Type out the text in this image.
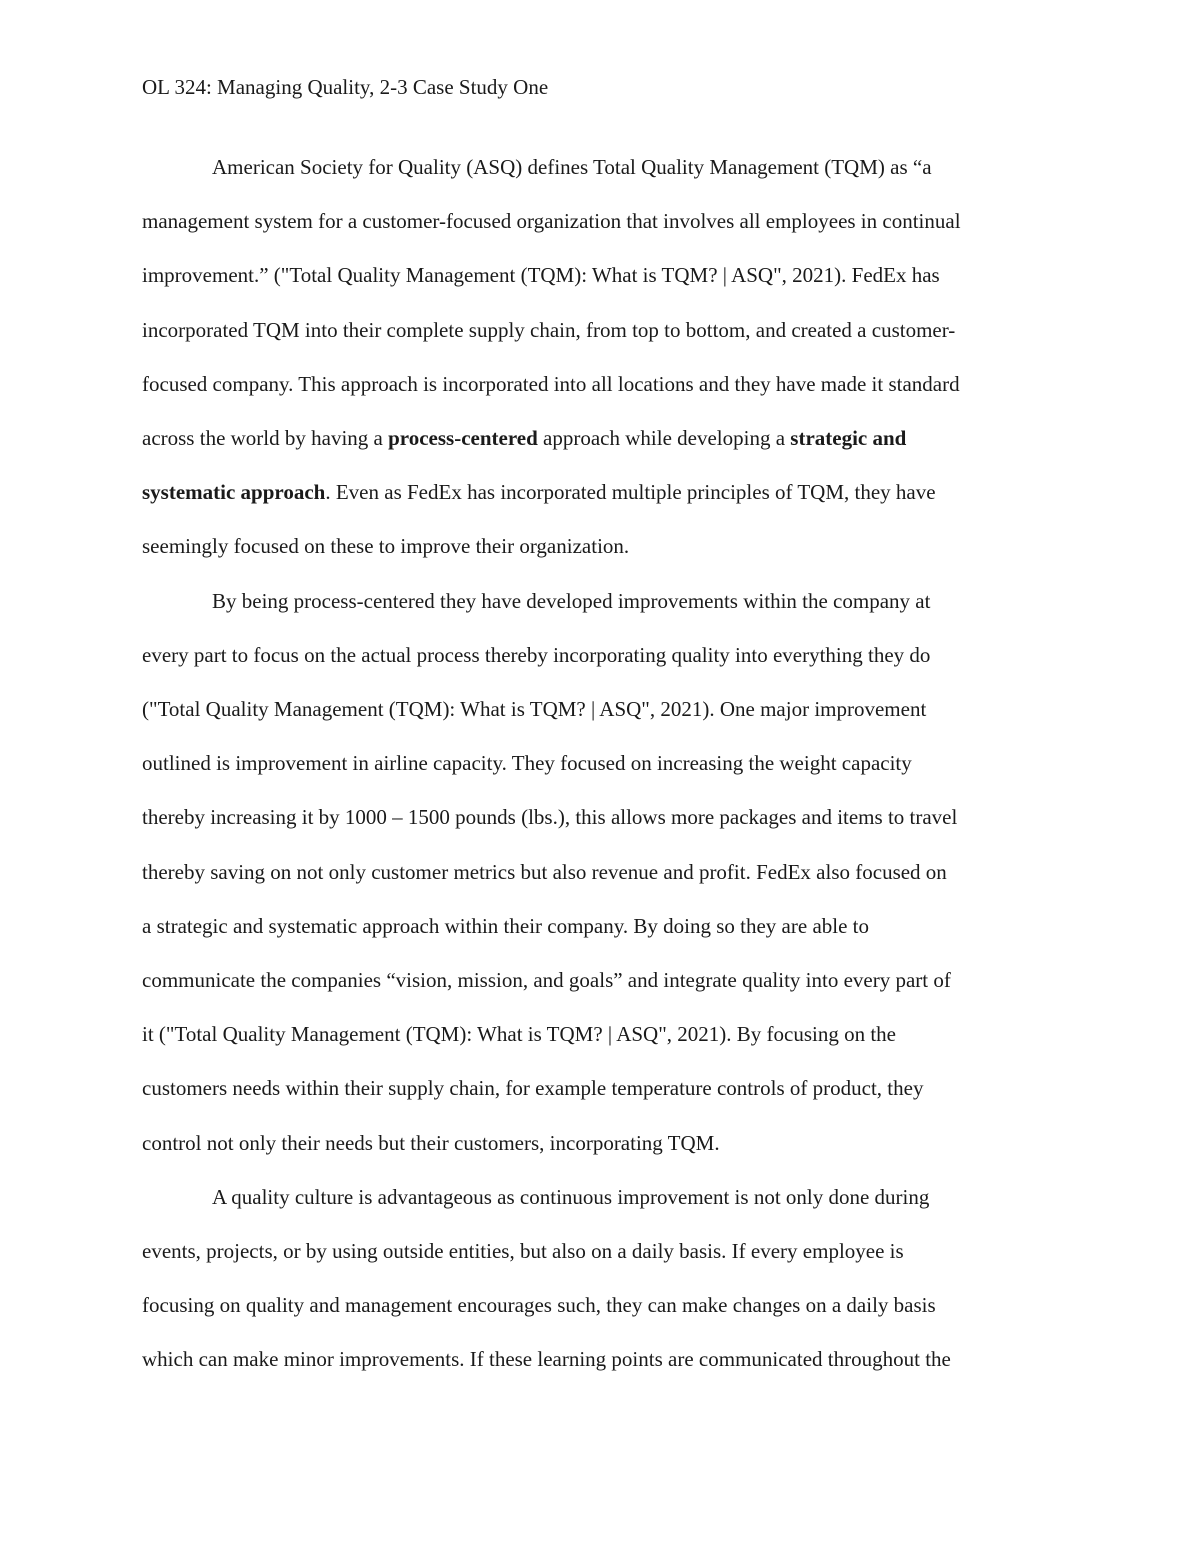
OL 324: Managing Quality, 2-3 Case Study One

American Society for Quality (ASQ) defines Total Quality Management (TQM) as “a
management system for a customer-focused organization that involves all employees in continual
improvement.” ("Total Quality Management (TQM): What is TQM? | ASQ", 2021). FedEx has
incorporated TQM into their complete supply chain, from top to bottom, and created a customer-
focused company. This approach is incorporated into all locations and they have made it standard
across the world by having a process-centered approach while developing a strategic and
systematic approach. Even as FedEx has incorporated multiple principles of TQM, they have
seemingly focused on these to improve their organization.

By being process-centered they have developed improvements within the company at
every part to focus on the actual process thereby incorporating quality into everything they do
("Total Quality Management (TQM): What is TQM? | ASQ", 2021). One major improvement
outlined is improvement in airline capacity. They focused on increasing the weight capacity
thereby increasing it by 1000 – 1500 pounds (lbs.), this allows more packages and items to travel
thereby saving on not only customer metrics but also revenue and profit. FedEx also focused on
a strategic and systematic approach within their company. By doing so they are able to
communicate the companies “vision, mission, and goals” and integrate quality into every part of
it ("Total Quality Management (TQM): What is TQM? | ASQ", 2021). By focusing on the
customers needs within their supply chain, for example temperature controls of product, they
control not only their needs but their customers, incorporating TQM.

A quality culture is advantageous as continuous improvement is not only done during
events, projects, or by using outside entities, but also on a daily basis. If every employee is
focusing on quality and management encourages such, they can make changes on a daily basis
which can make minor improvements. If these learning points are communicated throughout the
